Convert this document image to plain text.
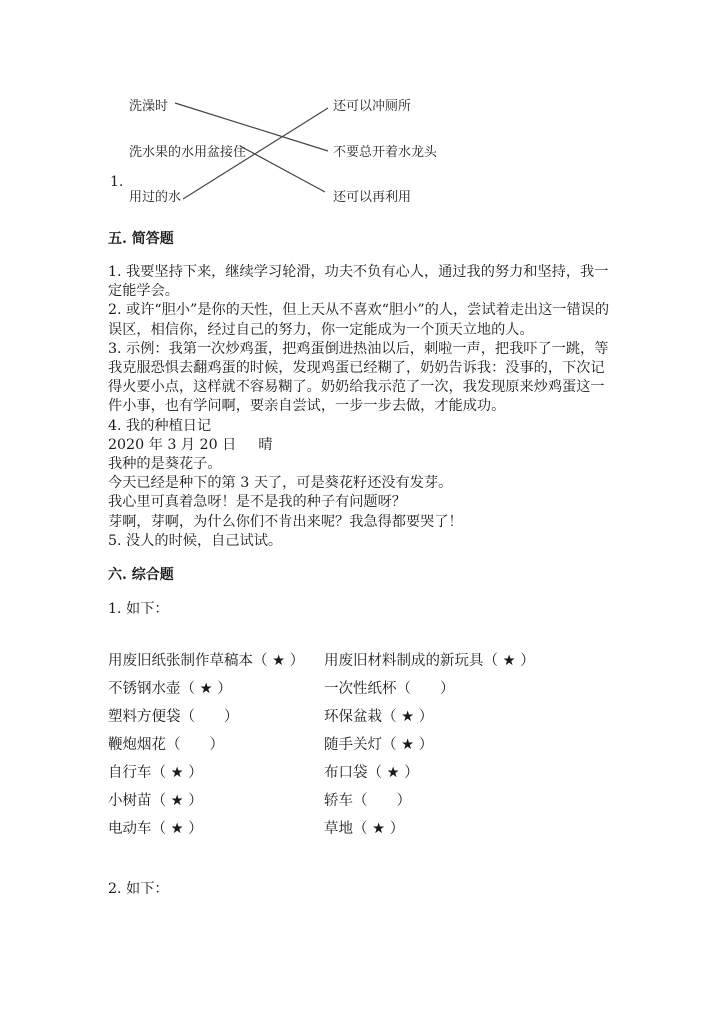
洗澡时
洗水果的水用盆接住
1.
用过的水
还可以冲厕所
不要总开着水龙头
还可以再利用
五. 简答题

1. 我要坚持下来，继续学习轮滑，功夫不负有心人，通过我的努力和坚持，我一定能学会。

2. 或许“胆小”是你的天性，但上天从不喜欢“胆小”的人，尝试着走出这一错误的误区，相信你，经过自己的努力，你一定能成为一个顶天立地的人。

3. 示例：我第一次炒鸡蛋，把鸡蛋倒进热油以后，刺啦一声，把我吓了一跳，等我克服恐惧去翻鸡蛋的时候，发现鸡蛋已经糊了，奶奶告诉我：没事的，下次记得火要小点，这样就不容易糊了。奶奶给我示范了一次，我发现原来炒鸡蛋这一件小事，也有学问啊，要亲自尝试，一步一步去做，才能成功。

4. 我的种植日记

2020 年 3 月 20 日 晴

我种的是葵花子。

今天已经是种下的第 3 天了，可是葵花籽还没有发芽。

我心里可真着急呀！是不是我的种子有问题呀？

芽啊，芽啊，为什么你们不肯出来呢？我急得都要哭了！

5. 没人的时候，自己试试。

六. 综合题
1. 如下：
用废旧纸张制作草稿本（ ★ ）
不锈钢水壶（ ★ ）
塑料方便袋（　　）
鞭炮烟花（　　）
自行车（ ★ ）
小树苗（ ★ ）
电动车（ ★ ）
用废旧材料制成的新玩具（ ★ ）
一次性纸杯（　　）
环保盆栽（ ★ ）
随手关灯（ ★ ）
布口袋（ ★ ）
轿车（　　）
草地（ ★ ）
2. 如下：
